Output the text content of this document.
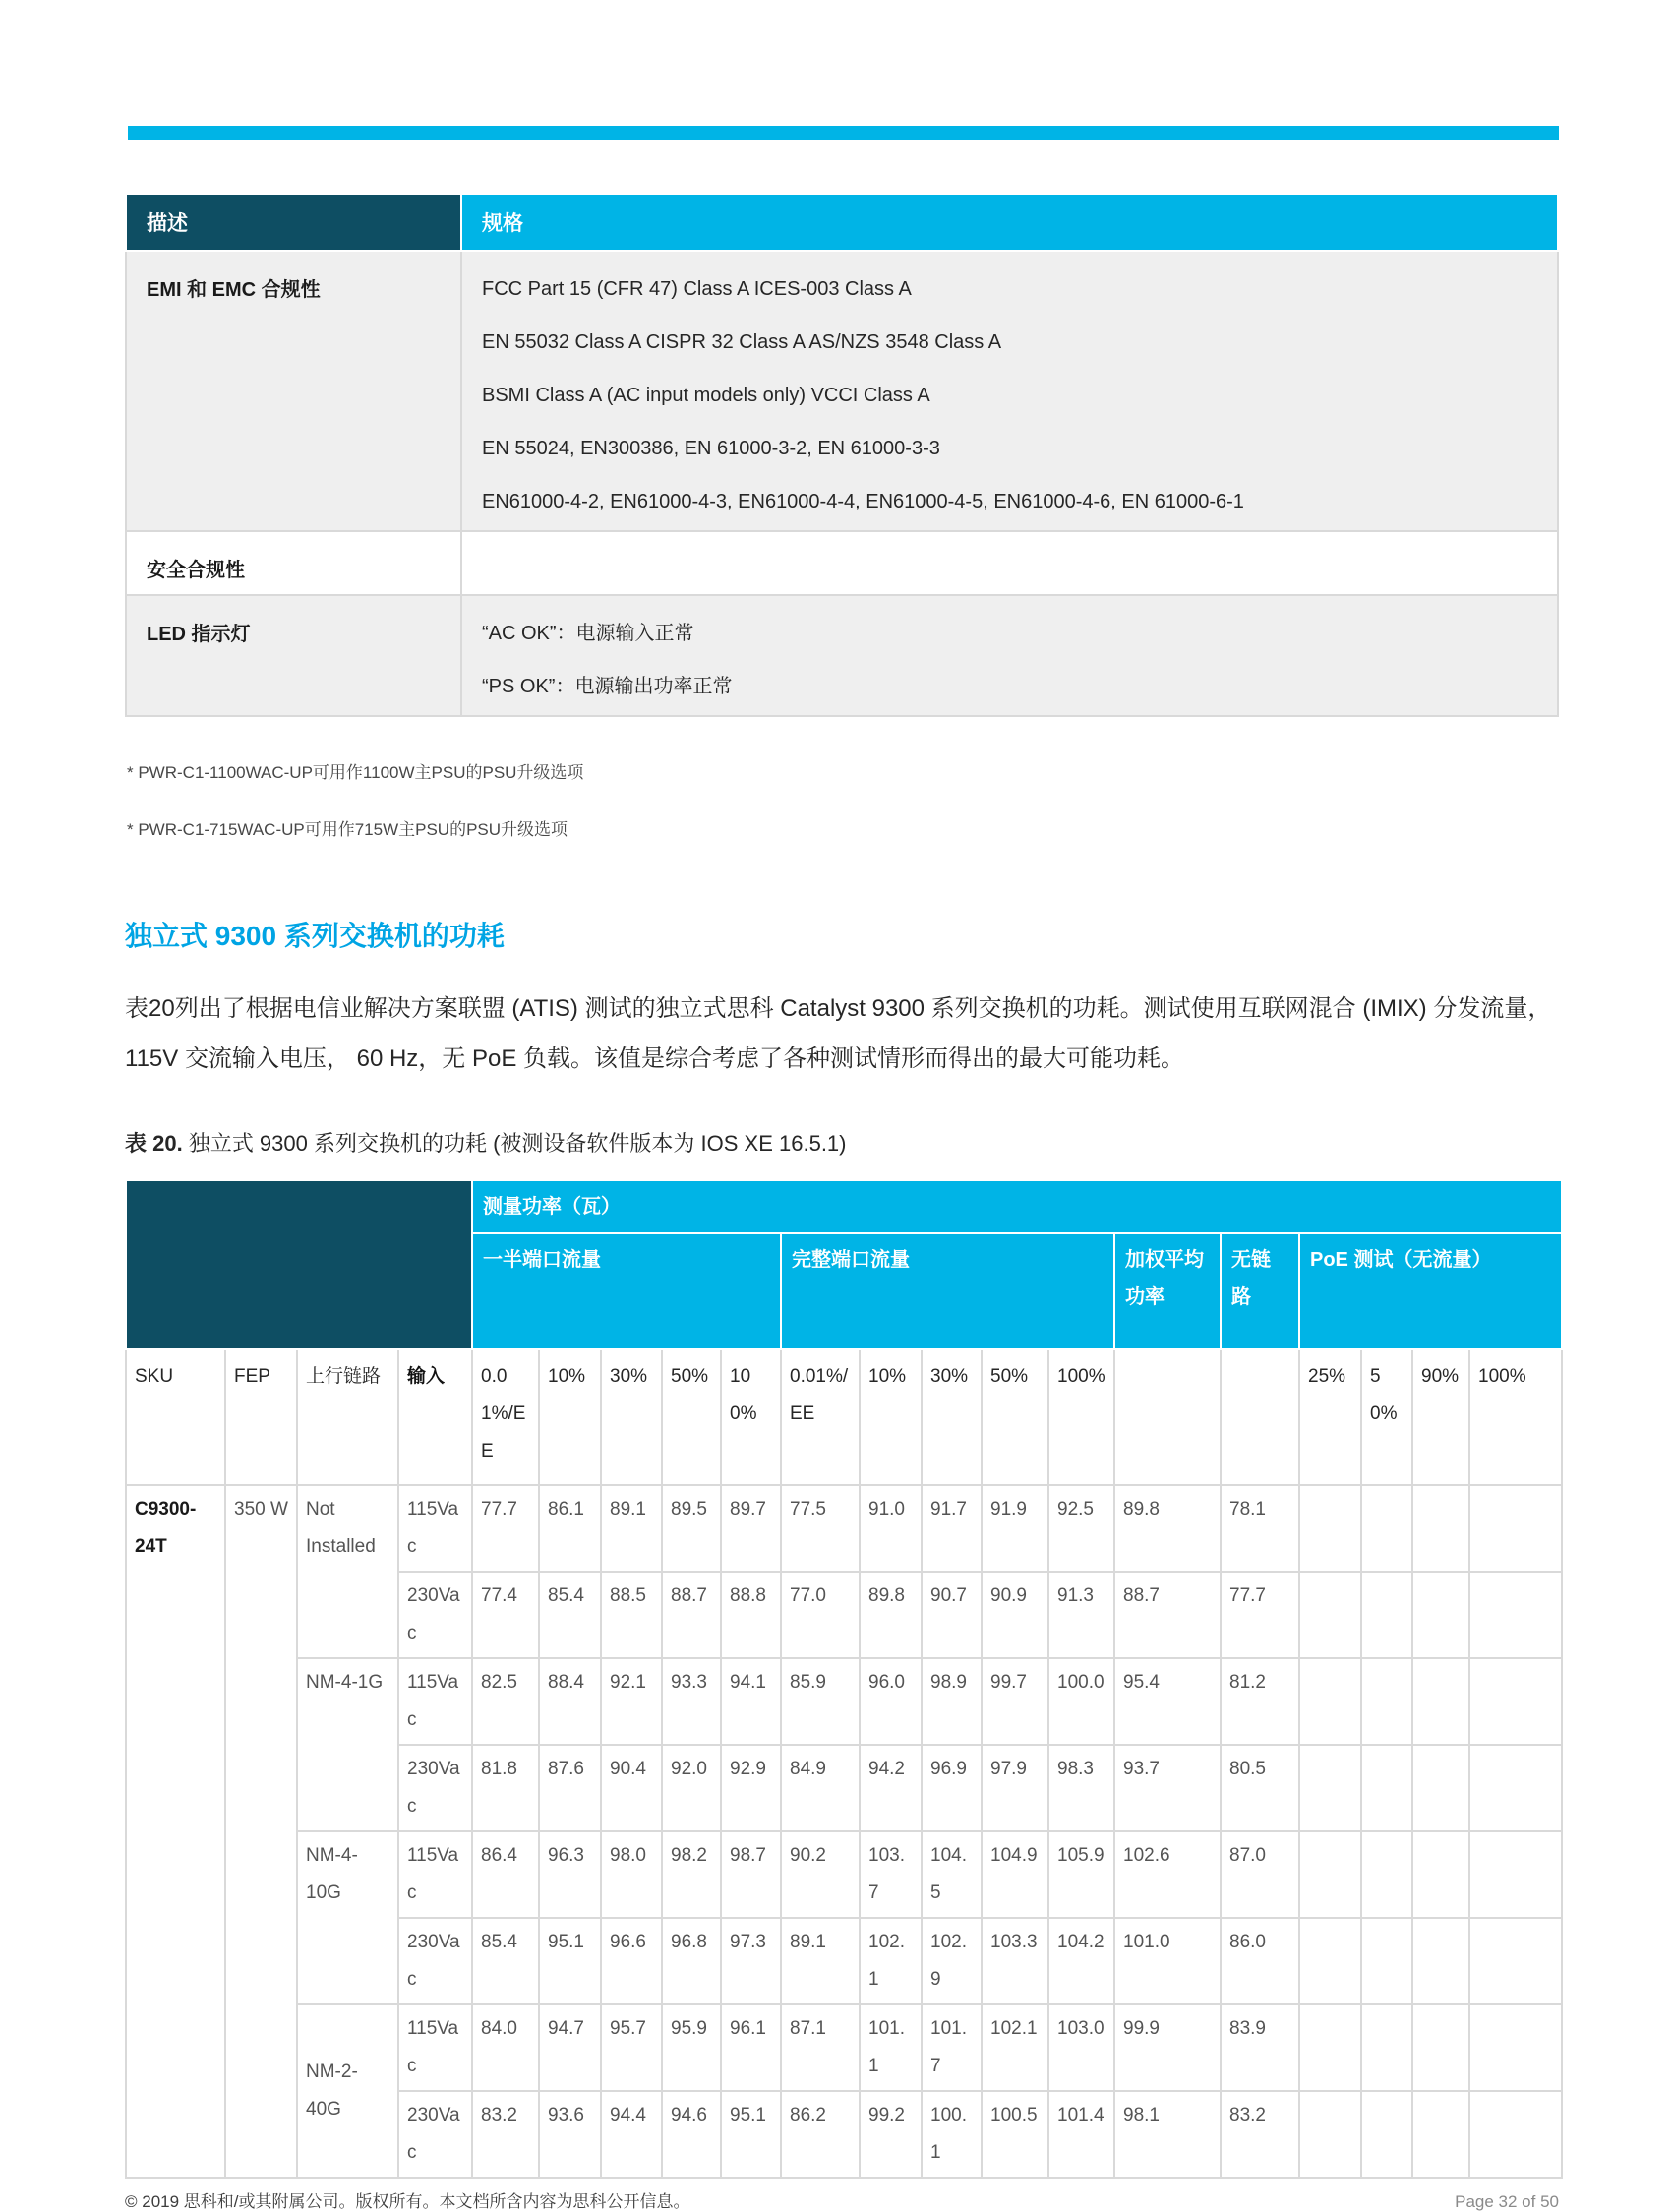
描述	规格
EMI 和 EMC 合规性	FCC Part 15 (CFR 47) Class A ICES-003 Class A

EN 55032 Class A CISPR 32 Class A AS/NZS 3548 Class A

BSMI Class A (AC input models only) VCCI Class A

EN 55024, EN300386, EN 61000-3-2, EN 61000-3-3

EN61000-4-2, EN61000-4-3, EN61000-4-4, EN61000-4-5, EN61000-4-6, EN 61000-6-1

安全合规性	
LED 指示灯	“AC OK”：电源输入正常

“PS OK”：电源输出功率正常

* PWR-C1-1100WAC-UP可用作1100W主PSU的PSU升级选项

* PWR-C1-715WAC-UP可用作715W主PSU的PSU升级选项

独立式 9300 系列交换机的功耗

表20列出了根据电信业解决方案联盟 (ATIS) 测试的独立式思科 Catalyst 9300 系列交换机的功耗。测试使用互联网混合 (IMIX) 分发流量， 115V 交流输入电压， 60 Hz，无 PoE 负载。该值是综合考虑了各种测试情形而得出的最大可能功耗。

表 20. 独立式 9300 系列交换机的功耗 (被测设备软件版本为 IOS XE 16.5.1)

				测量功率（瓦）															
				一半端口流量					完整端口流量					加权平均功率	无链路	PoE 测试（无流量）			
SKU	FEP	上行链路	输入	0.01%/EE	10%	30%	50%	100%	0.01%/EE	10%	30%	50%	100%			25%	50%	90%	100%
C9300-24T	350 W	Not Installed	115Vac	77.7	86.1	89.1	89.5	89.7	77.5	91.0	91.7	91.9	92.5	89.8	78.1				
			230Vac	77.4	85.4	88.5	88.7	88.8	77.0	89.8	90.7	90.9	91.3	88.7	77.7				
		NM-4-1G	115Vac	82.5	88.4	92.1	93.3	94.1	85.9	96.0	98.9	99.7	100.0	95.4	81.2				
			230Vac	81.8	87.6	90.4	92.0	92.9	84.9	94.2	96.9	97.9	98.3	93.7	80.5				
		NM-4-10G	115Vac	86.4	96.3	98.0	98.2	98.7	90.2	103.7	104.5	104.9	105.9	102.6	87.0				
			230Vac	85.4	95.1	96.6	96.8	97.3	89.1	102.1	102.9	103.3	104.2	101.0	86.0				
		NM-2-40G	115Vac	84.0	94.7	95.7	95.9	96.1	87.1	101.1	101.7	102.1	103.0	99.9	83.9				
			230Vac	83.2	93.6	94.4	94.6	95.1	86.2	99.2	100.1	100.5	101.4	98.1	83.2				
© 2019 思科和/或其附属公司。版权所有。本文档所含内容为思科公开信息。	Page 32 of 50
